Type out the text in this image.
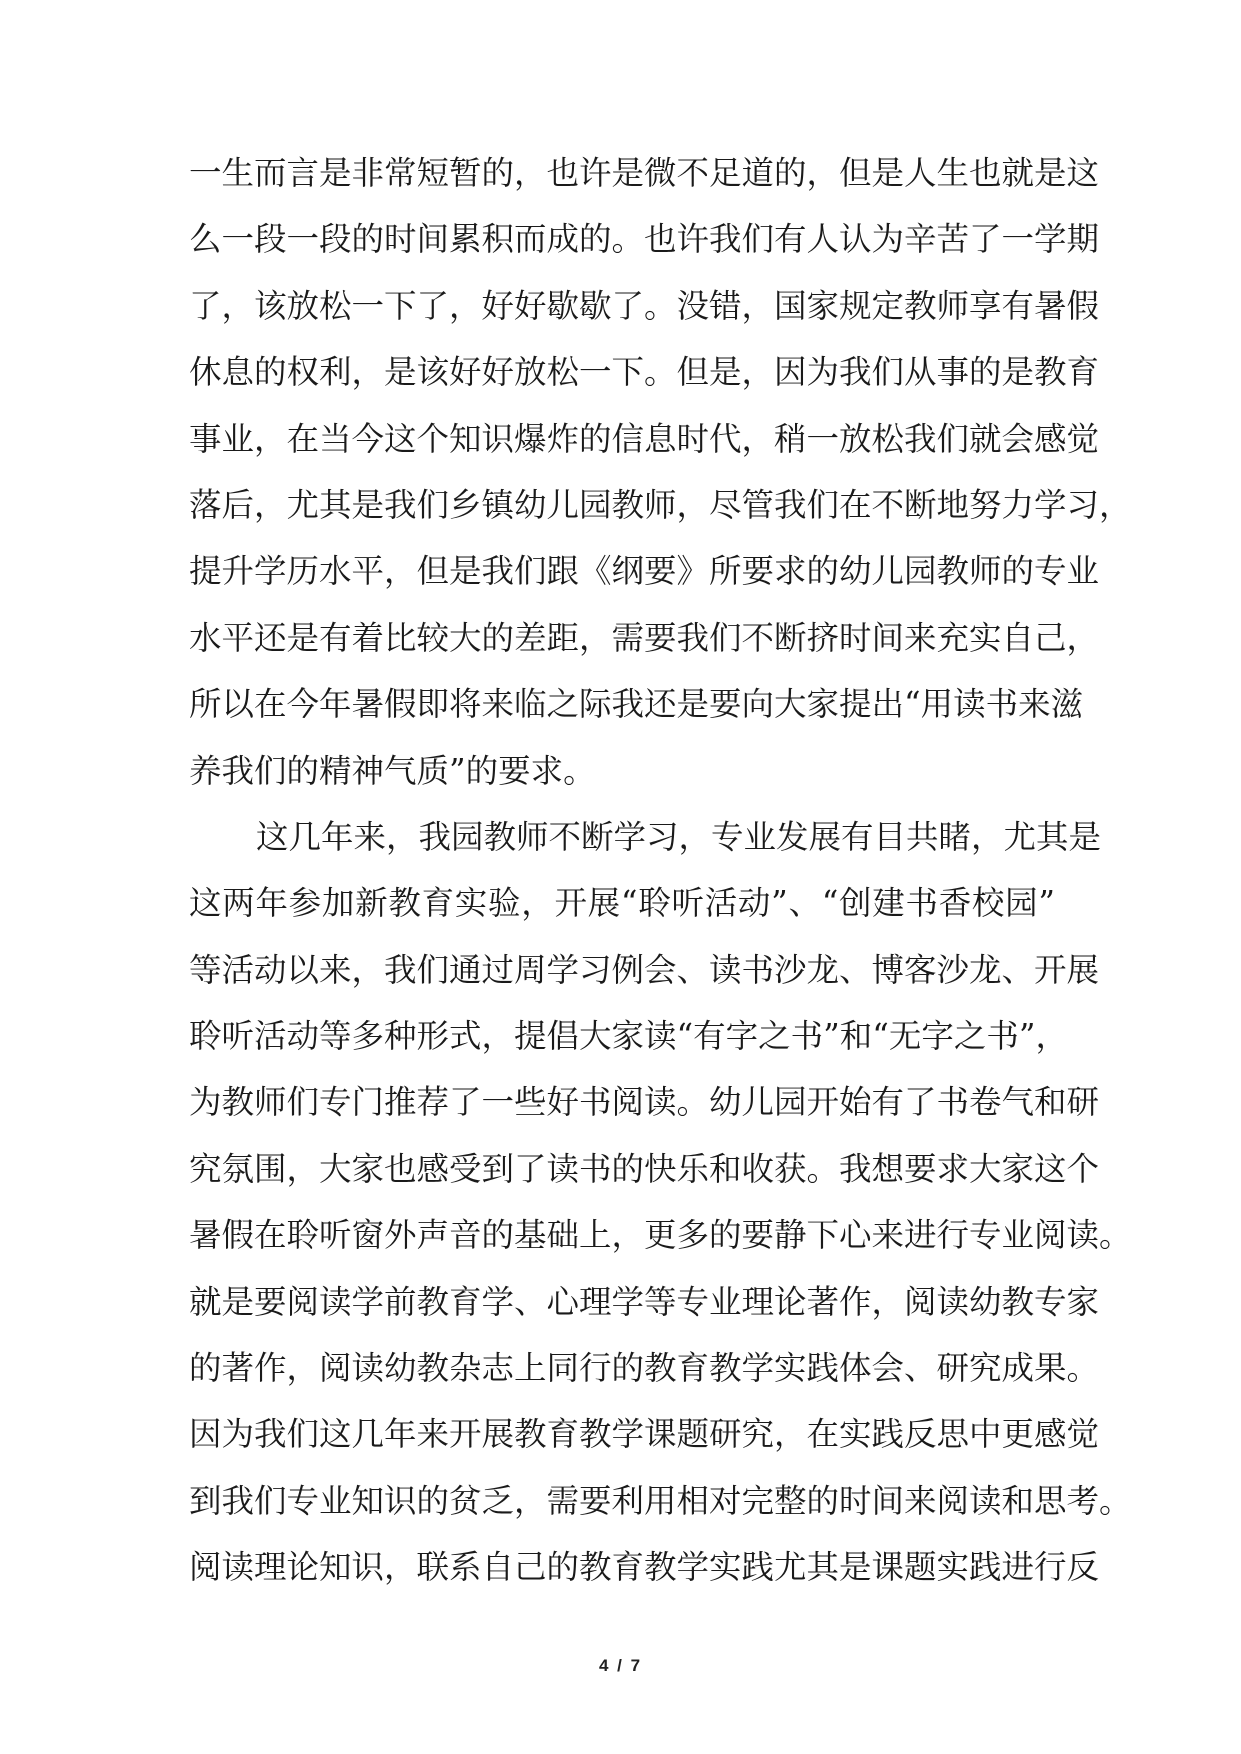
一生而言是非常短暂的，也许是微不足道的，但是人生也就是这
么一段一段的时间累积而成的。也许我们有人认为辛苦了一学期
了，该放松一下了，好好歇歇了。没错，国家规定教师享有暑假
休息的权利，是该好好放松一下。但是，因为我们从事的是教育
事业，在当今这个知识爆炸的信息时代，稍一放松我们就会感觉
落后，尤其是我们乡镇幼儿园教师，尽管我们在不断地努力学习，
提升学历水平，但是我们跟《纲要》所要求的幼儿园教师的专业
水平还是有着比较大的差距，需要我们不断挤时间来充实自己，
所以在今年暑假即将来临之际我还是要向大家提出“用读书来滋
养我们的精神气质”的要求。
这几年来，我园教师不断学习，专业发展有目共睹，尤其是
这两年参加新教育实验，开展“聆听活动”、“创建书香校园”
等活动以来，我们通过周学习例会、读书沙龙、博客沙龙、开展
聆听活动等多种形式，提倡大家读“有字之书”和“无字之书”，
为教师们专门推荐了一些好书阅读。幼儿园开始有了书卷气和研
究氛围，大家也感受到了读书的快乐和收获。我想要求大家这个
暑假在聆听窗外声音的基础上，更多的要静下心来进行专业阅读。
就是要阅读学前教育学、心理学等专业理论著作，阅读幼教专家
的著作，阅读幼教杂志上同行的教育教学实践体会、研究成果。
因为我们这几年来开展教育教学课题研究，在实践反思中更感觉
到我们专业知识的贫乏，需要利用相对完整的时间来阅读和思考。
阅读理论知识，联系自己的教育教学实践尤其是课题实践进行反
4 / 7
